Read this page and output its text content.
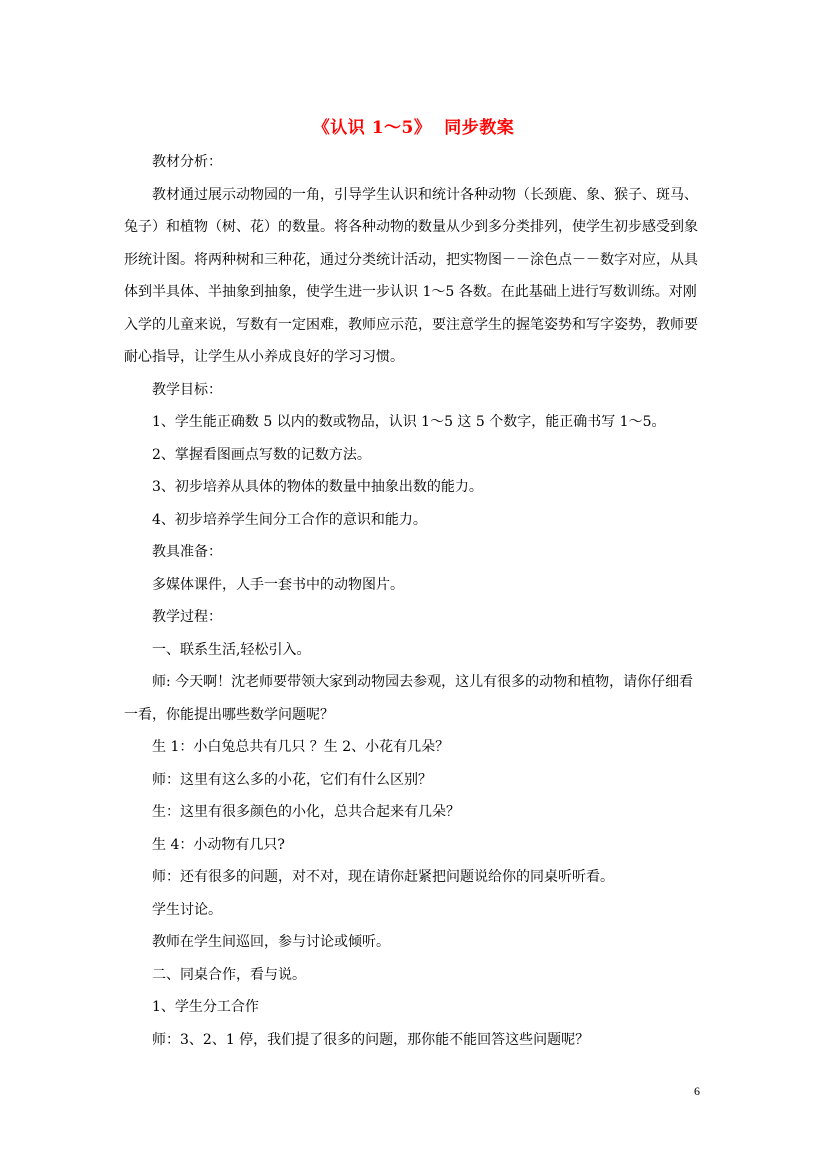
《认识 1～5》  同步教案

教材分析：

教材通过展示动物园的一角，引导学生认识和统计各种动物（长颈鹿、象、猴子、斑马、兔子）和植物（树、花）的数量。将各种动物的数量从少到多分类排列，使学生初步感受到象形统计图。将两种树和三种花，通过分类统计活动，把实物图－－涂色点－－数字对应，从具体到半具体、半抽象到抽象，使学生进一步认识 1～5 各数。在此基础上进行写数训练。对刚入学的儿童来说，写数有一定困难，教师应示范，要注意学生的握笔姿势和写字姿势，教师要耐心指导，让学生从小养成良好的学习习惯。

教学目标：

1、学生能正确数 5 以内的数或物品，认识 1～5 这 5 个数字，能正确书写 1～5。

2、掌握看图画点写数的记数方法。

3、初步培养从具体的物体的数量中抽象出数的能力。

4、初步培养学生间分工合作的意识和能力。

教具准备：

多媒体课件，人手一套书中的动物图片。

教学过程：

一、联系生活,轻松引入。

师: 今天啊！沈老师要带领大家到动物园去参观，这儿有很多的动物和植物，请你仔细看一看，你能提出哪些数学问题呢？

生 1：小白兔总共有几只 ？生 2、小花有几朵？

师：这里有这么多的小花，它们有什么区别？

生：这里有很多颜色的小化，总共合起来有几朵？

生 4：小动物有几只?

师：还有很多的问题，对不对，现在请你赶紧把问题说给你的同桌听听看。

学生讨论。

教师在学生间巡回，参与讨论或倾听。

二、同桌合作，看与说。

1、学生分工合作

师：3、2、1 停，我们提了很多的问题，那你能不能回答这些问题呢？

6
